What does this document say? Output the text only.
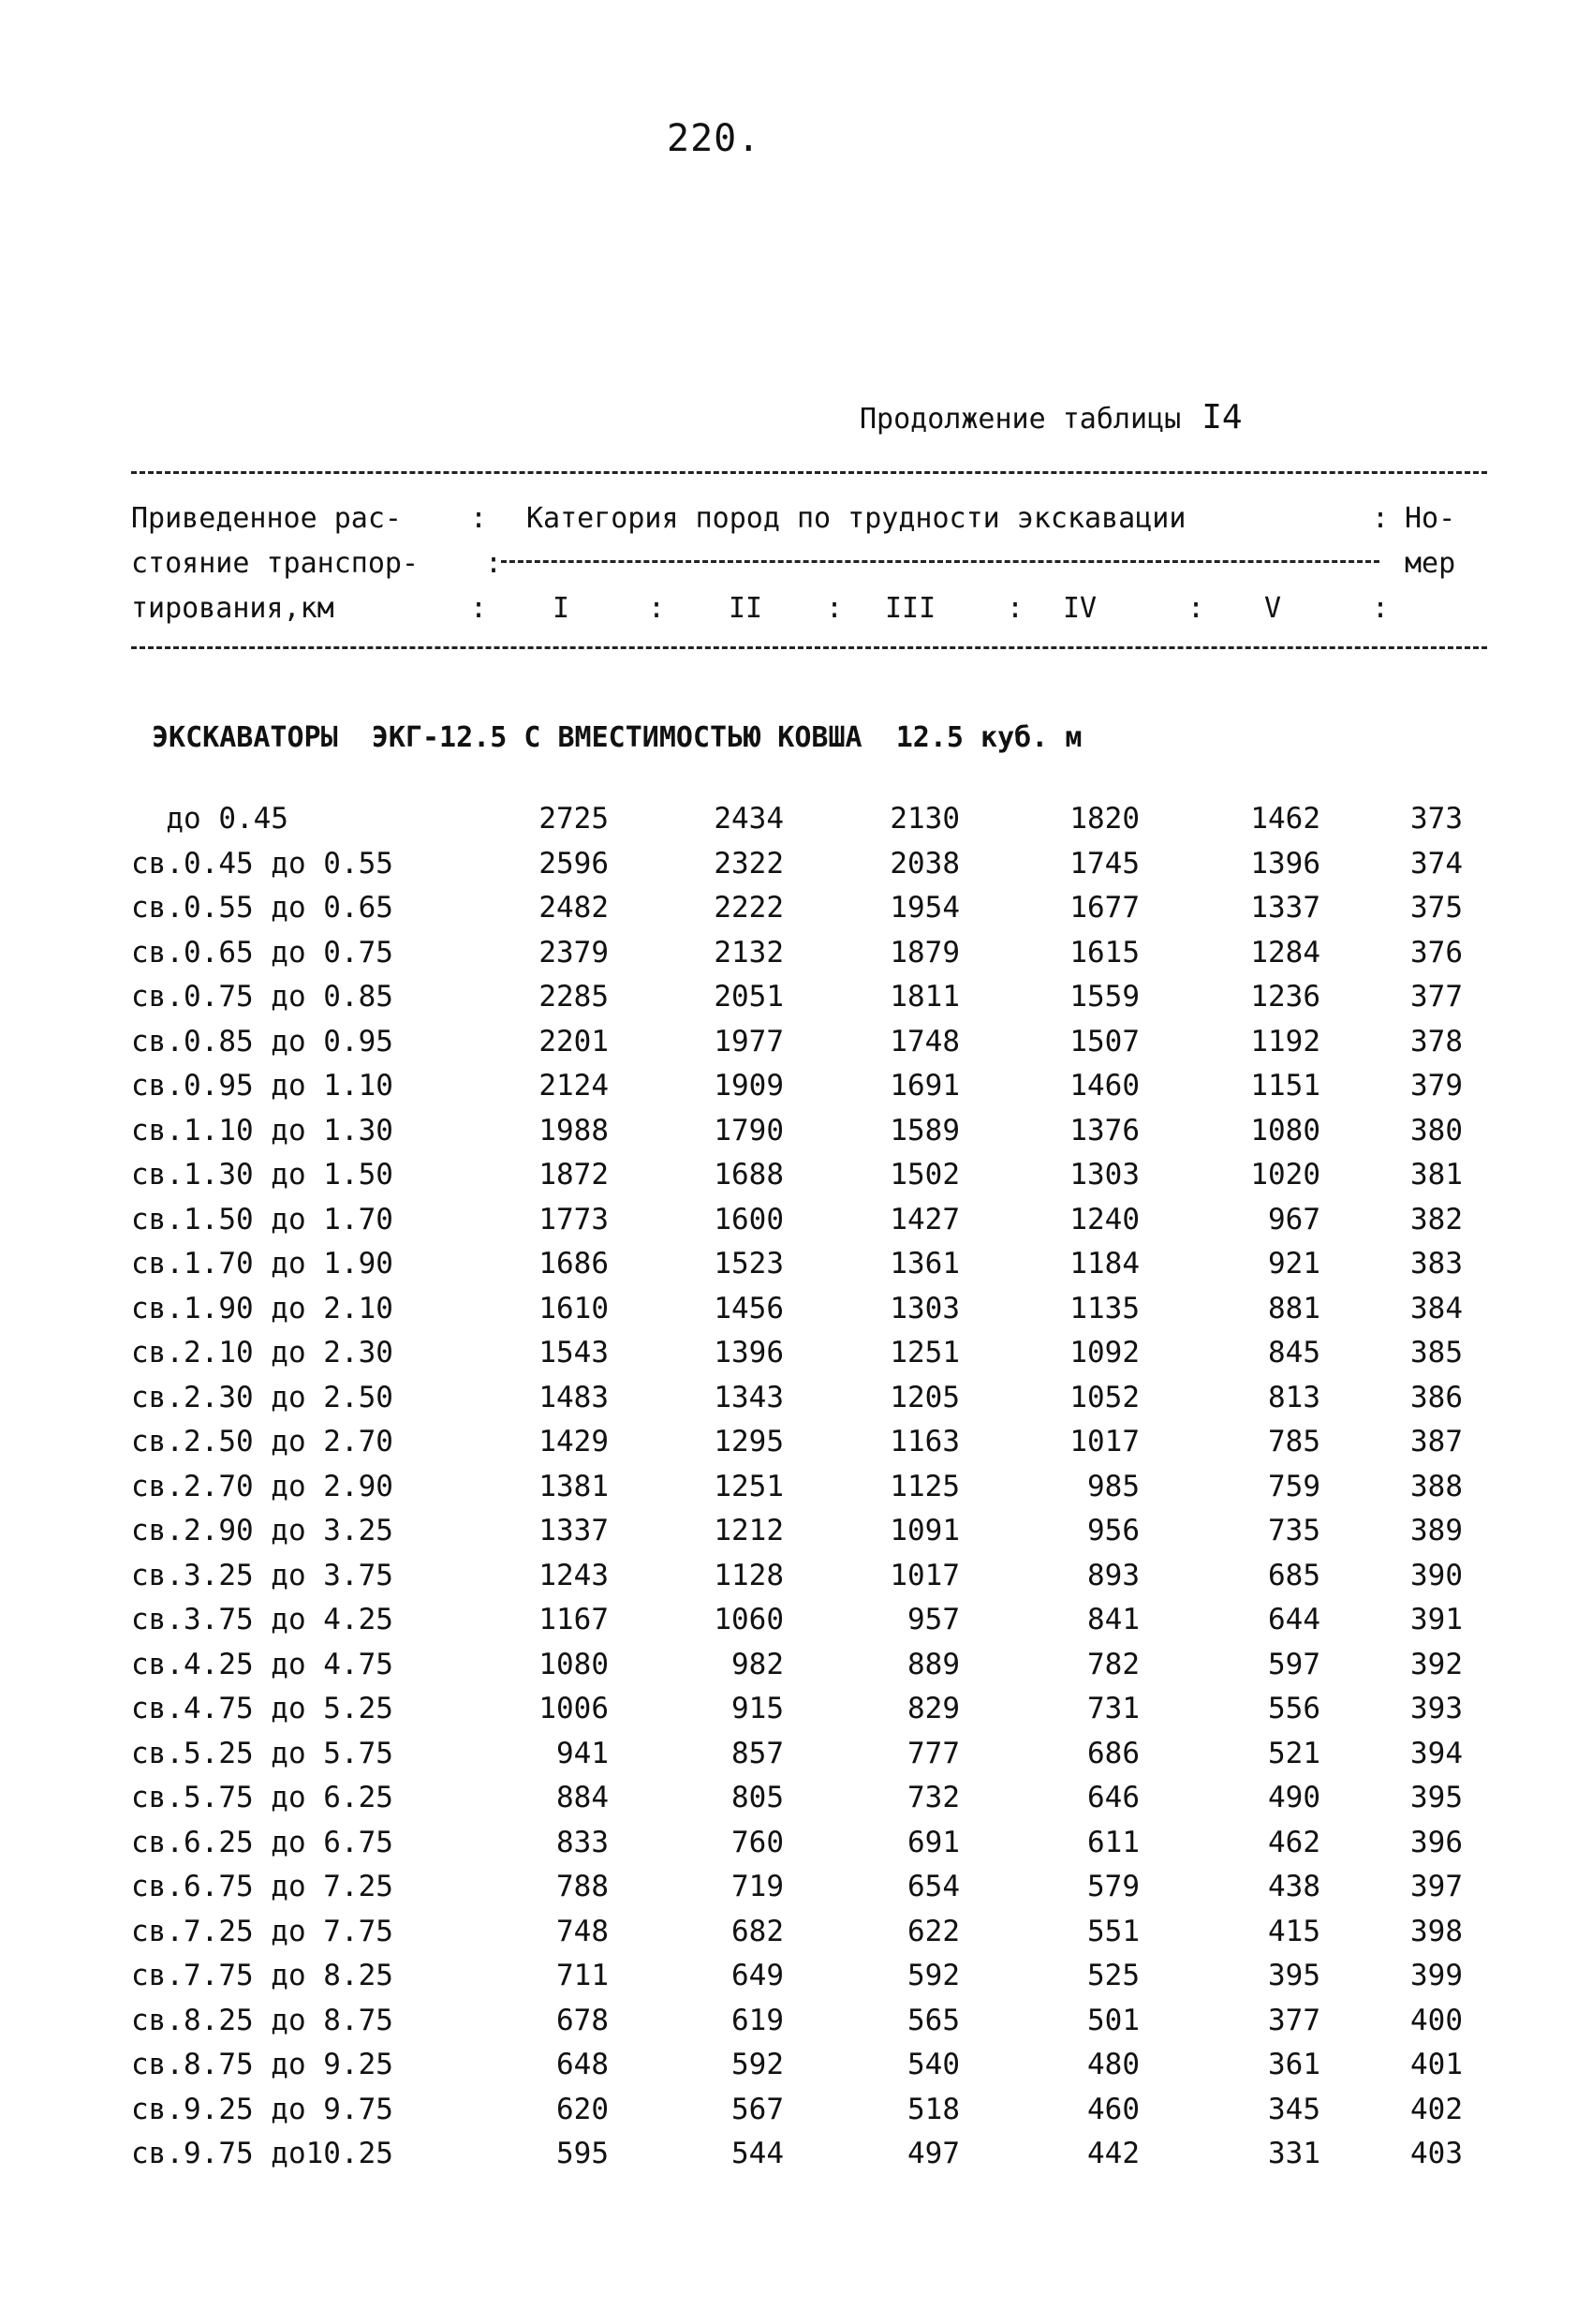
220.
Продолжение таблицы I4
Приведенное рас- : Категория пород по трудности экскавации	: Но-
стояние транспор- :	мер
тирования,км	: I	: II : III	: IV	: V	:
ЭКСКАВАТОРЫ  ЭКГ-12.5 С ВМЕСТИМОСТЬЮ КОВША  12.5 куб. м
до 0.45	2725	2434	2130	1820	1462	373
св.0.45 до 0.55	2596	2322	2038	1745	1396	374
св.0.55 до 0.65	2482	2222	1954	1677	1337	375
св.0.65 до 0.75	2379	2132	1879	1615	1284	376
св.0.75 до 0.85	2285	2051	1811	1559	1236	377
св.0.85 до 0.95	2201	1977	1748	1507	1192	378
св.0.95 до 1.10	2124	1909	1691	1460	1151	379
св.1.10 до 1.30	1988	1790	1589	1376	1080	380
св.1.30 до 1.50	1872	1688	1502	1303	1020	381
св.1.50 до 1.70	1773	1600	1427	1240	967	382
св.1.70 до 1.90	1686	1523	1361	1184	921	383
св.1.90 до 2.10	1610	1456	1303	1135	881	384
св.2.10 до 2.30	1543	1396	1251	1092	845	385
св.2.30 до 2.50	1483	1343	1205	1052	813	386
св.2.50 до 2.70	1429	1295	1163	1017	785	387
св.2.70 до 2.90	1381	1251	1125	985	759	388
св.2.90 до 3.25	1337	1212	1091	956	735	389
св.3.25 до 3.75	1243	1128	1017	893	685	390
св.3.75 до 4.25	1167	1060	957	841	644	391
св.4.25 до 4.75	1080	982	889	782	597	392
св.4.75 до 5.25	1006	915	829	731	556	393
св.5.25 до 5.75	941	857	777	686	521	394
св.5.75 до 6.25	884	805	732	646	490	395
св.6.25 до 6.75	833	760	691	611	462	396
св.6.75 до 7.25	788	719	654	579	438	397
св.7.25 до 7.75	748	682	622	551	415	398
св.7.75 до 8.25	711	649	592	525	395	399
св.8.25 до 8.75	678	619	565	501	377	400
св.8.75 до 9.25	648	592	540	480	361	401
св.9.25 до 9.75	620	567	518	460	345	402
св.9.75 до10.25	595	544	497	442	331	403
